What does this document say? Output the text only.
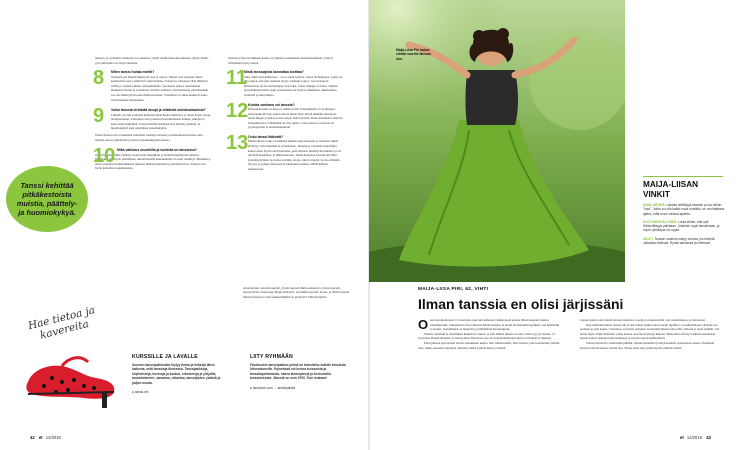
tukseen, ja varsinkin viemiseen voi alkuuttaa viejän selälle tilkaa kuormitusta. Myös välike-yyn pullistuma voi ääryä tanssissa.

8 Miten tanssi hoitaa mieltä?

Tanssista saa mielenvirkistystä, iloa ja seuraa. Tanssit ovat monelle viikon kohokohtia, kerro päästä irti arjen huolista. Tanssi luo yhteiseen tilan ihmisten välille ja virittää samalle aaltopituudelle. Sen kautta pääsee tutustumaan kuunneesi itseäsi ja sosiaalisen tiertunto kohenee. Parittanssessa yksinäisenkin saa olla läheisyyttä toisen ihmisen kanssa. Tanssiessa on aikaa keskittyä koko-naisvaltaisesti ilmaisuunsa.

9 Voiko tanssia virkistää aivoja ja ehkäistä muistisairauksia?

Liikunta on yksi parhaista keinoista pitää huolta muistista, ja tanssi hoitaa aivoja monipuolisesti. Tanssiessa aivot joutuvat koordinoimaan kaiken, jalkojen ja koko kehon liiketilan. Tanssi kehittää pitkäkestoista muistia, päättely- ja huomiokykyä sekä ongelmien ratkaisukykyä.

Tanssi haastaa aivot tekemään laskelmia vauhtoja toisiaan ja muistamaan kuvioita, kun tanssija seuraa ympäristöä ja hoitaa tanssikumppanin kanssa.

10 Mikä vaikutus musiikilla ja tunteilla on tanssissa?

Tanssina kehon liike yhdistyy luontevasti musiikkiin ja herättää mielihyvää tunteita. Musiikkiin sisaltyvät yksilöllisiä, alkaantreenilla kokemuksilla on suuri merkitys. Musiikki ja tanssi parantavat kaikenikäisten muisten mukaan mielialaa ja herättävät iloa. Tunteet ovat hyvin keholliste kokemuksista.

Tanssin ja huovan liikkeen kautta voi ilmaista sellaisiakin tunnekokemuksia, joille ei välttämättä löydy sanoja.

11
Mistä tanssiajista kannattaa aloittaa?

Siitä, mikä itseä kiinnostaa – on se sitten balettia, salsaa tai humppaa. Lajeja on niin paljon, että joka makuun löytyy varmasti sopiva. Jos lavatanssit kiinnostavat, hyviä aloituslajeja ovat fokst, valssi, humppa ja foksa. Näiden perustaminen kautta oppii paritanssissa tarvittavaa liikekieltä, askeltamista, viennistä ja seuraamista.

12 Kuinka vanhana voi tanssia?

Niin kauan kuin on intoa ja sisältä syvää! Tanssimisella ei ole ikärajaa. Tanssipaikoilla käy paljon nuoria mutta myös hyvin iäkkäitä tanssijoita. Askel hiipuu ja kehoon tulee paljon lisää täytteitä, mutta menohalut säilyvät. Tanssimiseen ei vältämättä tarvitse juhlaa, vaan tanssia voi kotona tai joydorppaalla ja tuntemusketkellä.

13 Onko tanssi lääkettä?

Ehdottomasti. Liike on lääkettä kaikissa muodoissaan, ja tanssissa siihen yhdistyy vielä musiikki ja sosiaalisuus. Tanssiessa vapautuu endorfiinia, kehon omaa hyvän olon hormonia, joka tehostaa mielihyvän tunnetta ja voi lievittää masennus- ja ahdistusoireita. Tanssi helpottaa stressin sitä mitä yksinäisyyttäkin. Se hoitaa sydäntä, aivoja, luita ja mieltä. Se tuo elämään ilyyssä, ja pohjaa taiteeseen ja tunnettuun nauhaa, nähdä ihmisiä tanssiessaan.

Tanssi kehittää pitkäkestoista muistia, päättely- ja huomiokykyä.
Hae tietoa ja kavereita
KURSSILLE JA LAVALLE
Suomen tanssipaikkoista löytyy tietoa ja linkkejä lähes kaikesta, mitä tanssiaja tiimeessä. Tanssipaikkoja, ohjelmistoja, kursseja ja koulua, orkestereja ja yhtyeitä, tanssikalenteri, sanastoa, etkastoa, tanssijoiden ystäviä ja paljon muuta.
● tanssi.net
LIITY RYHMÄÄN
Facebookin tanssipaikka-ryhmä on tarkoitettu kaikille tanssista kiinnostuneille. Ryhmässä voi kertoa kursseista ja tanssitapahtumista, hakea tanssipareja ja keskustella tanssimisesta. Jäseniä on noin 9700. Tule mukaan!
● facebook.com → tanssipaikka
42 et 12/2016
Maija-Liisa Piri halusi siirtää nuorille tanssin ilon.
Asiantuntijat: tanssiterapeutti, fysioterapeutti Maija Asikainen, fysioterapeutti, tanssiurheilu-valmentaja Maija Salminen, musiikkiterapeutti, tanssi- ja liiketerapeutti Marko Punkanen sekä sisätautilääkäri ja professori Mika Kivipelto.
MAIJA-LIISAN VINKIT

ANNA MENNÄ. Uskalla heittäytyä tanssiin ja ota vähän "hulu". Jotka voi olla kaikki muut musiikki, on unohdettava ajatus, mitä muut voisivat ajatella.

OLE KÄRSIVÄLLINEN. Luota siihen, että opit. Kärsivällisyys palkitaan. Jokainen oppii tanssimaan, ja myös rytmitajua voi oppia.

NAUTI. Tanssin nautinto näkyy sinusta, jos tekeillä vaikuttaa viidessä. Ryhtiä tanssissa ja mielessä.

MAIJA-LIISA PIRI, 62, VIHTI
Ilman tanssia en olisi järjissäni

Olen tanssikoulutaan 13-vuotiaana, kun sain kimuttaa vanhempieni kanssa lähteä naapurin kanssa tanssikurssille. Sukulaiseni olivat aiheesta kiinnostuneita, ja täytin myöhemmin kyyhkän, että hemmelin ja kaunis. Tanssiminen on mukavin ja pitkäikäisin harrastukseni.

Tanssii, musiikki ja tanssillinen huumaavat minut, ja siitä lähtien minun on ollut valtava pyyyä tanssia. 17-vuotiaana muutin Ruotsiin ja tanssi jatkui. Ruotsissa taas on lavatanssikulttuuri myös lavatanssit ja mukana.

Enon jälkeen opin monia asioita tanssimisen kautta, mm. hehtaasehdat, niitä tanssin, joita koulutettiin yhdelle iltaa, leikin tansseista tanssijan, muistan, mitkä parhaat menot ja missä.

Lapsen kautta sain tanssin taitonsa kuluttaa. Lopulta ja kokemusiäni ovat tanssimisessa ja tanssissani.

Kun mahdollisuuteni tanssia tuli ja olin tehnyt kaikki tanssi uraani täysillä jo vuosikymmenet yhdistän sen perheen ja työn kautta. Tansseissa on monet esitykset. Kanssakäyminen tulee esille yhdessä ja oppii elämän, että tanssi ohjaa. Erkki hunttilan, jonka kanssa olen myös käynyt ikkunat. Mielestäni olisi hyvä lähteä tanssimaan lapsen kanssa yhteiseen harrastukseen ja seurata lapsen kehittymistä.

Tanssi täyttää myt elämästäni pitkään. Ohjaan kursseilla ja käyn koululla opettamassa nuoria. Haluaisin hartaasti siirtää hetken tanssin iloa. Tanssi antaa aina paljon hyvää, minulle mieltä.

et 12/2016 43
